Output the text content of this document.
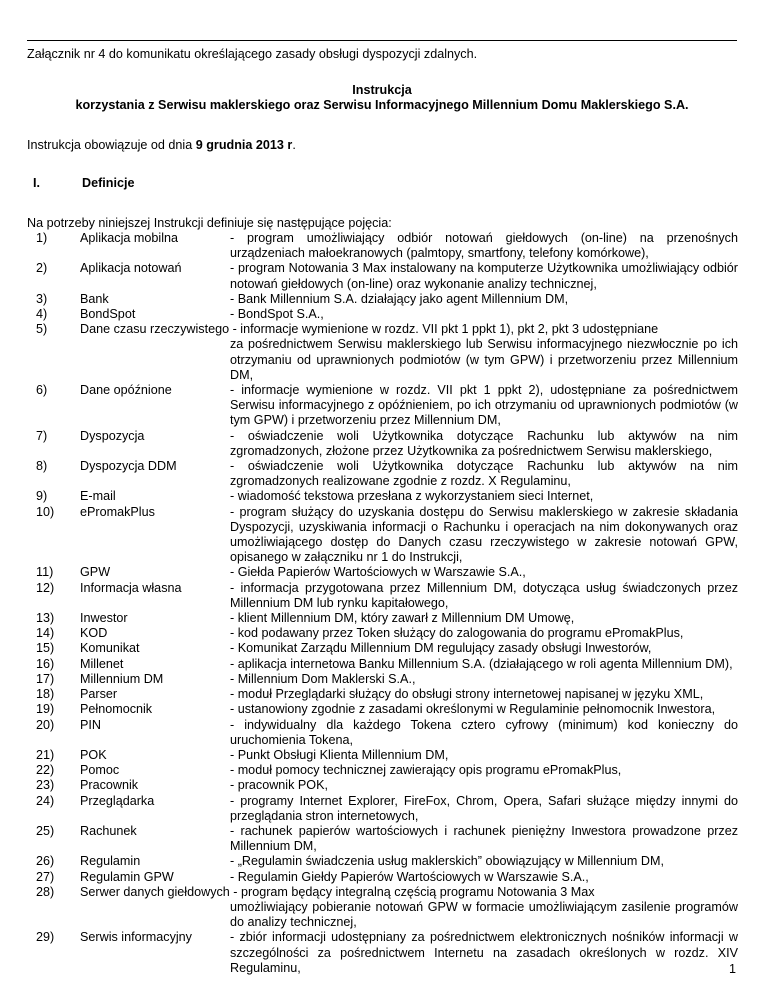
Załącznik nr 4 do komunikatu określającego zasady obsługi dyspozycji zdalnych.
Instrukcja
korzystania z Serwisu maklerskiego oraz Serwisu Informacyjnego Millennium Domu Maklerskiego S.A.
Instrukcja obowiązuje od dnia 9 grudnia 2013 r.
I.	Definicje
Na potrzeby niniejszej Instrukcji definiuje się następujące pojęcia:
1)	Aplikacja mobilna	- program umożliwiający odbiór notowań giełdowych (on-line) na przenośnych urządzeniach małoekranowych (palmtopy, smartfony, telefony komórkowe),
2)	Aplikacja notowań	- program Notowania 3 Max instalowany na komputerze Użytkownika umożliwiający odbiór notowań giełdowych (on-line) oraz wykonanie analizy technicznej,
3)	Bank	- Bank Millennium S.A. działający jako agent Millennium DM,
4)	BondSpot	- BondSpot S.A.,
5)	Dane czasu rzeczywistego - informacje wymienione w rozdz. VII pkt 1 ppkt 1), pkt 2, pkt 3 udostępniane
za pośrednictwem Serwisu maklerskiego lub Serwisu informacyjnego niezwłocznie po ich otrzymaniu od uprawnionych podmiotów (w tym GPW) i przetworzeniu przez Millennium DM,
6)	Dane opóźnione	- informacje wymienione w rozdz. VII pkt 1 ppkt 2), udostępniane za pośrednictwem Serwisu informacyjnego z opóźnieniem, po ich otrzymaniu od uprawnionych podmiotów (w tym GPW) i przetworzeniu przez Millennium DM,
7)	Dyspozycja	- oświadczenie woli Użytkownika dotyczące Rachunku lub aktywów na nim zgromadzonych, złożone przez Użytkownika za pośrednictwem Serwisu maklerskiego,
8)	Dyspozycja DDM	- oświadczenie woli Użytkownika dotyczące Rachunku lub aktywów na nim zgromadzonych realizowane zgodnie z rozdz. X Regulaminu,
9)	E-mail	- wiadomość tekstowa przesłana z wykorzystaniem sieci Internet,
10) ePromakPlus	- program służący do uzyskania dostępu do Serwisu maklerskiego w zakresie składania Dyspozycji, uzyskiwania informacji o Rachunku i operacjach na nim dokonywanych oraz umożliwiającego dostęp do Danych czasu rzeczywistego w zakresie notowań GPW, opisanego w załączniku nr 1 do Instrukcji,
11) GPW	- Giełda Papierów Wartościowych w Warszawie S.A.,
12) Informacja własna	- informacja przygotowana przez Millennium DM, dotycząca usług świadczonych przez Millennium DM lub rynku kapitałowego,
13) Inwestor	- klient Millennium DM, który zawarł z Millennium DM Umowę,
14) KOD	- kod podawany przez Token służący do zalogowania do programu ePromakPlus,
15) Komunikat	- Komunikat Zarządu Millennium DM regulujący zasady obsługi Inwestorów,
16) Millenet	- aplikacja internetowa Banku Millennium S.A. (działającego w roli agenta Millennium DM),
17) Millennium DM	- Millennium Dom Maklerski S.A.,
18) Parser	- moduł Przeglądarki służący do obsługi strony internetowej napisanej w języku XML,
19) Pełnomocnik	- ustanowiony zgodnie z zasadami określonymi w Regulaminie pełnomocnik Inwestora,
20) PIN	- indywidualny dla każdego Tokena cztero cyfrowy (minimum) kod konieczny do uruchomienia Tokena,
21) POK	- Punkt Obsługi Klienta Millennium DM,
22) Pomoc	- moduł pomocy technicznej zawierający opis programu ePromakPlus,
23) Pracownik	- pracownik POK,
24) Przeglądarka	- programy Internet Explorer, FireFox, Chrom, Opera, Safari służące między innymi do przeglądania stron internetowych,
25) Rachunek	- rachunek papierów wartościowych i rachunek pieniężny Inwestora prowadzone przez Millennium DM,
26) Regulamin	- „Regulamin świadczenia usług maklerskich” obowiązujący w Millennium DM,
27) Regulamin GPW	- Regulamin Giełdy Papierów Wartościowych w Warszawie S.A.,
28) Serwer danych giełdowych - program będący integralną częścią programu Notowania 3 Max
umożliwiający pobieranie notowań GPW w formacie umożliwiającym zasilenie programów do analizy technicznej,
29) Serwis informacyjny	- zbiór informacji udostępniany za pośrednictwem elektronicznych nośników informacji w szczególności za pośrednictwem Internetu na zasadach określonych w rozdz. XIV Regulaminu,	1
